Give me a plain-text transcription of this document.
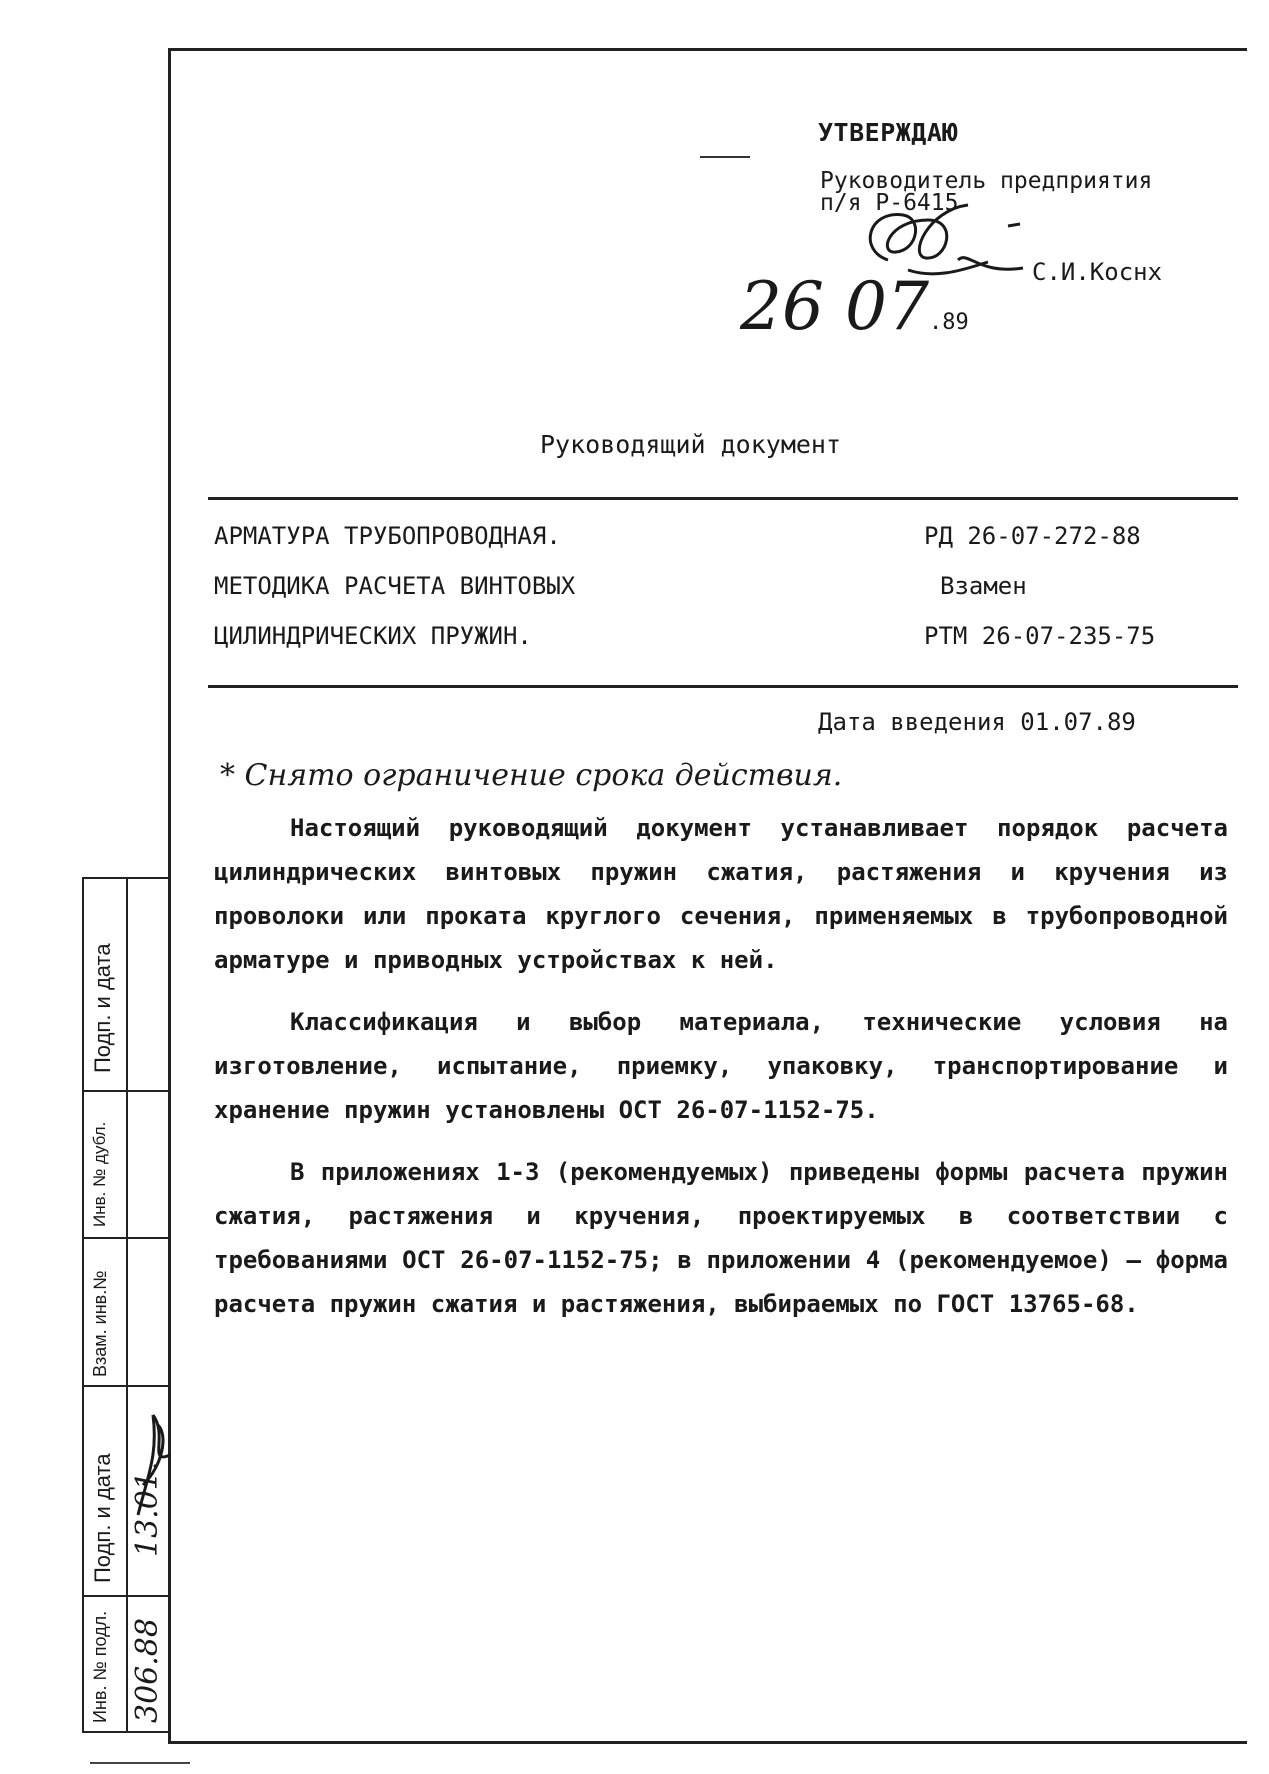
УТВЕРЖДАЮ
Руководитель предприятия
п/я Р-6415
С.И.Коснх
26 07.89
Руководящий документ
АРМАТУРА ТРУБОПРОВОДНАЯ.
МЕТОДИКА РАСЧЕТА ВИНТОВЫХ
ЦИЛИНДРИЧЕСКИХ ПРУЖИН.
РД 26-07-272-88
Взамен
РТМ 26-07-235-75
Дата введения 01.07.89
* Снято ограничение срока действия.
Настоящий руководящий документ устанавливает порядок расчета цилиндрических винтовых пружин сжатия, растяжения и кручения из проволоки или проката круглого сечения, применяемых в трубопроводной арматуре и приводных устройствах к ней.
Классификация и выбор материала, технические условия на изготовление, испытание, приемку, упаковку, транспортирование и хранение пружин установлены ОСТ 26-07-1152-75.
В приложениях 1-3 (рекомендуемых) приведены формы расчета пружин сжатия, растяжения и кручения, проектируемых в соответствии с требованиями ОСТ 26-07-1152-75; в приложении 4 (рекомендуемое) — форма расчета пружин сжатия и растяжения, выбираемых по ГОСТ 13765-68.
Подп. и дата
Инв. № дубл.
Взам. инв.№
Подп. и дата
Инв. № подл.
13.01.
306.88
